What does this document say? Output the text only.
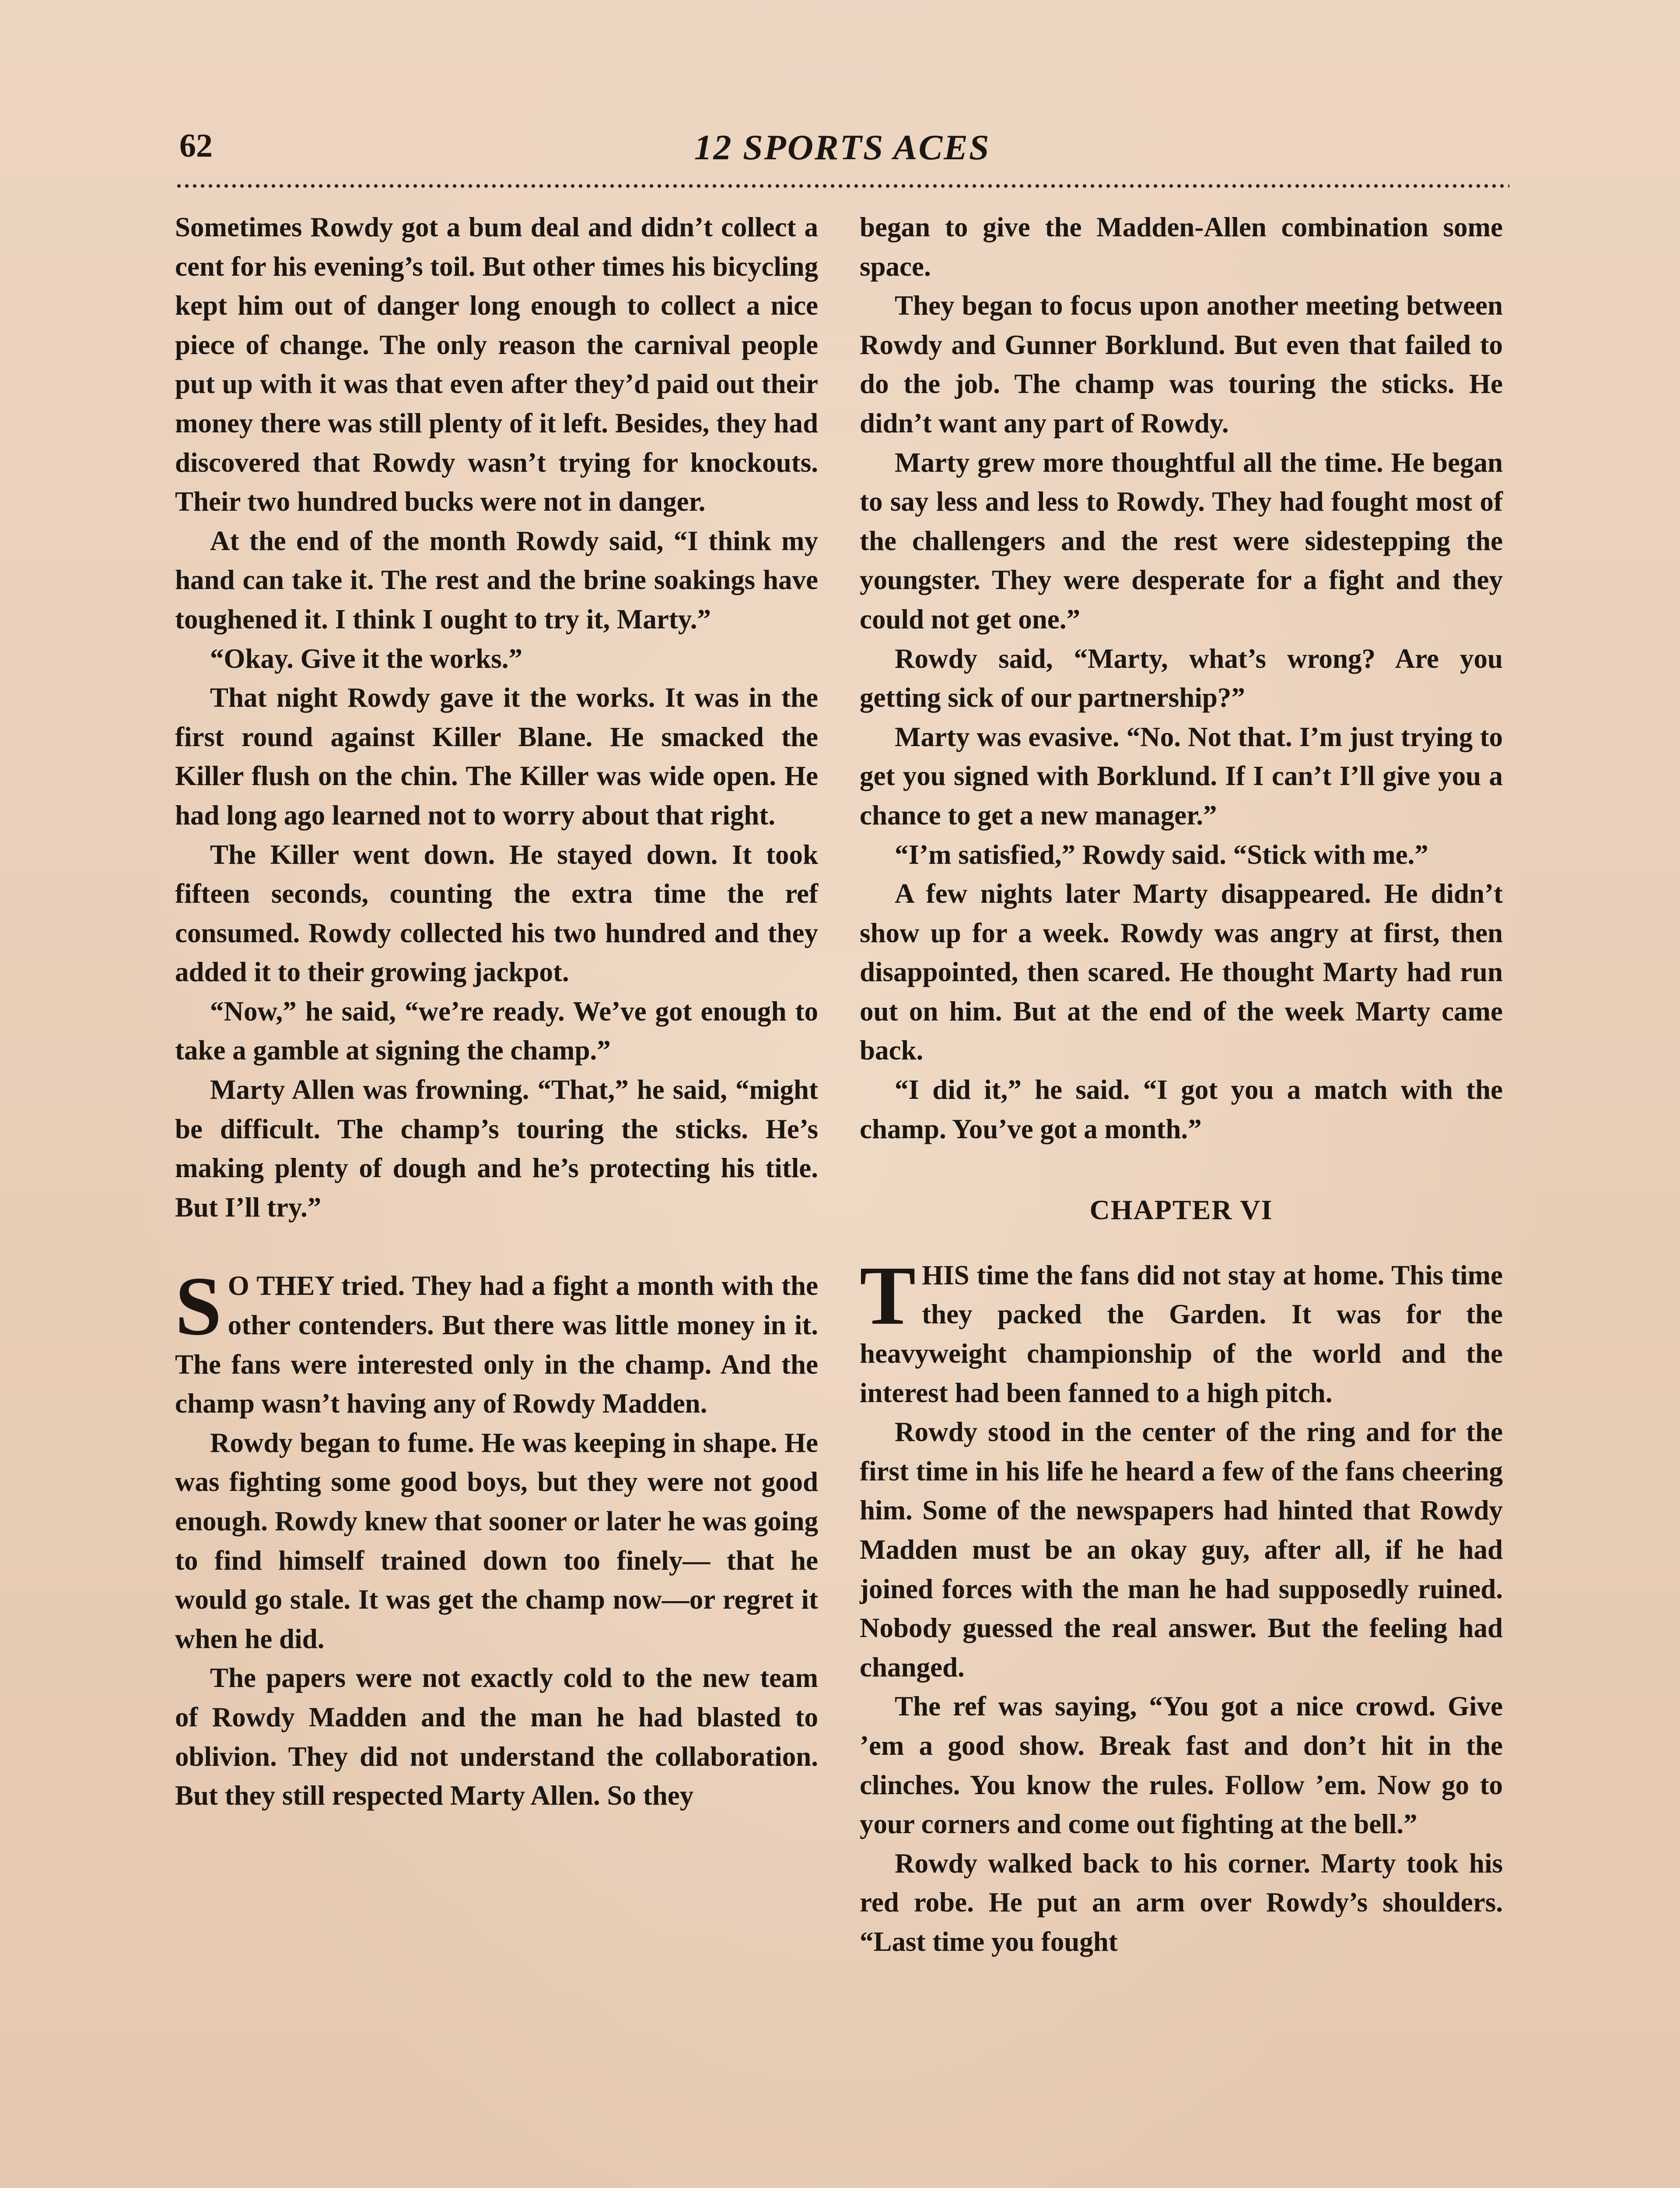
62	12 SPORTS ACES

Sometimes Rowdy got a bum deal and didn’t collect a cent for his evening’s toil. But other times his bicycling kept him out of danger long enough to collect a nice piece of change. The only reason the carnival people put up with it was that even after they’d paid out their money there was still plenty of it left. Besides, they had discovered that Rowdy wasn’t trying for knockouts. Their two hundred bucks were not in danger.

At the end of the month Rowdy said, “I think my hand can take it. The rest and the brine soakings have toughened it. I think I ought to try it, Marty.”

“Okay. Give it the works.”

That night Rowdy gave it the works. It was in the first round against Killer Blane. He smacked the Killer flush on the chin. The Killer was wide open. He had long ago learned not to worry about that right.

The Killer went down. He stayed down. It took fifteen seconds, counting the extra time the ref consumed. Rowdy collected his two hundred and they added it to their growing jackpot.

“Now,” he said, “we’re ready. We’ve got enough to take a gamble at signing the champ.”

Marty Allen was frowning. “That,” he said, “might be difficult. The champ’s touring the sticks. He’s making plenty of dough and he’s protecting his title. But I’ll try.”

S O THEY tried. They had a fight a month with the other contenders. But there was little money in it. The fans were interested only in the champ. And the champ wasn’t having any of Rowdy Madden.

Rowdy began to fume. He was keeping in shape. He was fighting some good boys, but they were not good enough. Rowdy knew that sooner or later he was going to find himself trained down too finely— that he would go stale. It was get the champ now—or regret it when he did.

The papers were not exactly cold to the new team of Rowdy Madden and the man he had blasted to oblivion. They did not understand the collaboration. But they still respected Marty Allen. So they

began to give the Madden-Allen combination some space.

They began to focus upon another meeting between Rowdy and Gunner Borklund. But even that failed to do the job. The champ was touring the sticks. He didn’t want any part of Rowdy.

Marty grew more thoughtful all the time. He began to say less and less to Rowdy. They had fought most of the challengers and the rest were sidestepping the youngster. They were desperate for a fight and they could not get one.”

Rowdy said, “Marty, what’s wrong? Are you getting sick of our partnership?”

Marty was evasive. “No. Not that. I’m just trying to get you signed with Borklund. If I can’t I’ll give you a chance to get a new manager.”

“I’m satisfied,” Rowdy said. “Stick with me.”

A few nights later Marty disappeared. He didn’t show up for a week. Rowdy was angry at first, then disappointed, then scared. He thought Marty had run out on him. But at the end of the week Marty came back.

“I did it,” he said. “I got you a match with the champ. You’ve got a month.”

CHAPTER VI

THIS time the fans did not stay at home. This time they packed the Garden. It was for the heavyweight championship of the world and the interest had been fanned to a high pitch.

Rowdy stood in the center of the ring and for the first time in his life he heard a few of the fans cheering him. Some of the newspapers had hinted that Rowdy Madden must be an okay guy, after all, if he had joined forces with the man he had supposedly ruined. Nobody guessed the real answer. But the feeling had changed.

The ref was saying, “You got a nice crowd. Give ’em a good show. Break fast and don’t hit in the clinches. You know the rules. Follow ’em. Now go to your corners and come out fighting at the bell.”

Rowdy walked back to his corner. Marty took his red robe. He put an arm over Rowdy’s shoulders. “Last time you fought
